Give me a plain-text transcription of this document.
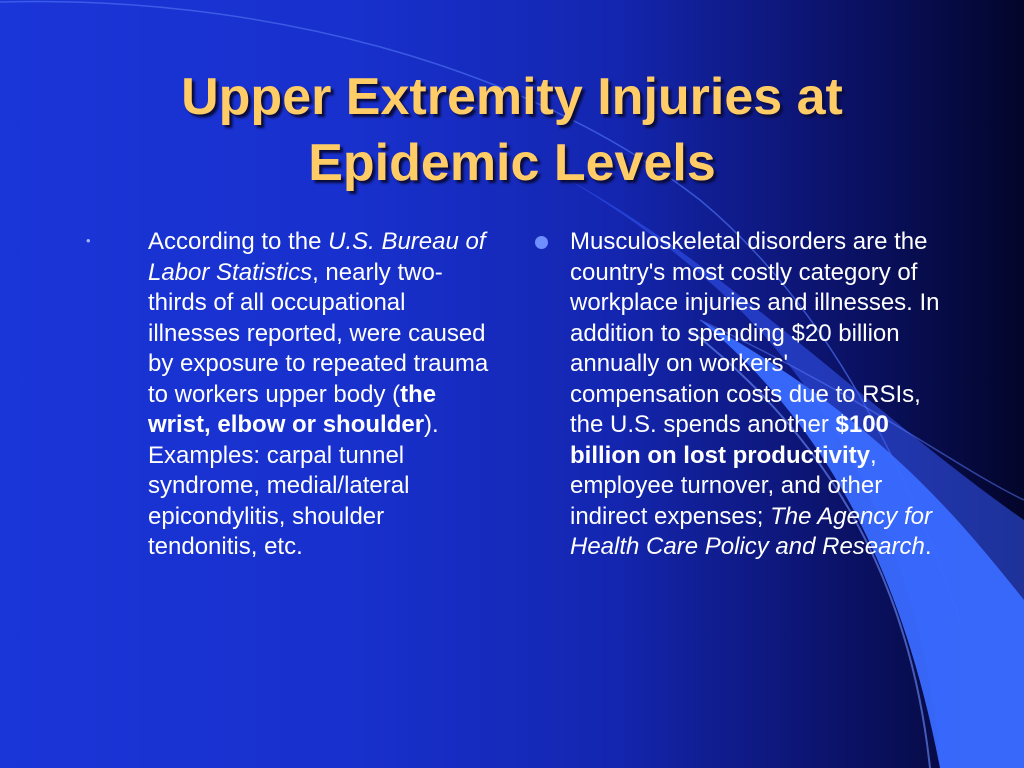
Upper Extremity Injuries at
Epidemic Levels
• According to the U.S. Bureau of Labor Statistics, nearly two-thirds of all occupational illnesses reported, were caused by exposure to repeated trauma to workers upper body (the wrist, elbow or shoulder).

Examples: carpal tunnel syndrome, medial/lateral epicondylitis, shoulder tendonitis, etc.

Musculoskeletal disorders are the country's most costly category of workplace injuries and illnesses. In addition to spending $20 billion annually on workers' compensation costs due to RSIs, the U.S. spends another $100 billion on lost productivity, employee turnover, and other indirect expenses; The Agency for Health Care Policy and Research.
